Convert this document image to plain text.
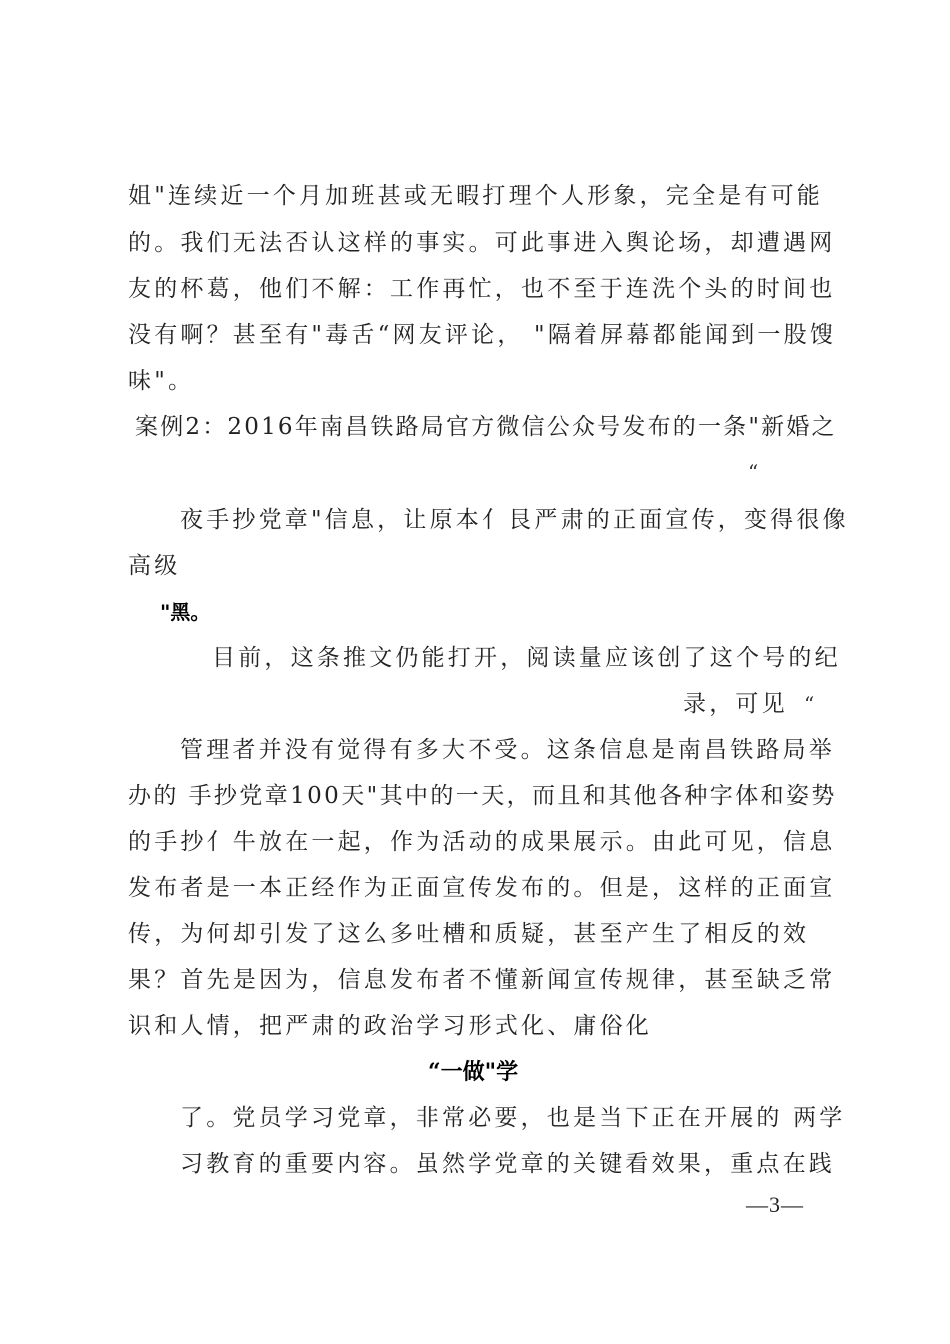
姐"连续近一个月加班甚或无暇打理个人形象，完全是有可能
的。我们无法否认这样的事实。可此事进入舆论场，却遭遇网
友的杯葛，他们不解：工作再忙，也不至于连洗个头的时间也
没有啊？甚至有"毒舌“网友评论， "隔着屏幕都能闻到一股馊
味"。
案例2：2016年南昌铁路局官方微信公众号发布的一条"新婚之
“
夜手抄党章"信息，让原本亻艮严肃的正面宣传，变得很像
高级
"黑。
目前，这条推文仍能打开，阅读量应该创了这个号的纪
录，可见 “
管理者并没有觉得有多大不受。这条信息是南昌铁路局举
办的 手抄党章100天"其中的一天，而且和其他各种字体和姿势
的手抄亻牛放在一起，作为活动的成果展示。由此可见，信息
发布者是一本正经作为正面宣传发布的。但是，这样的正面宣
传，为何却引发了这么多吐槽和质疑，甚至产生了相反的效
果？首先是因为，信息发布者不懂新闻宣传规律，甚至缺乏常
识和人情，把严肃的政治学习形式化、庸俗化
“一做"学
了。党员学习党章，非常必要，也是当下正在开展的 两学
习教育的重要内容。虽然学党章的关键看效果，重点在践
—3—
